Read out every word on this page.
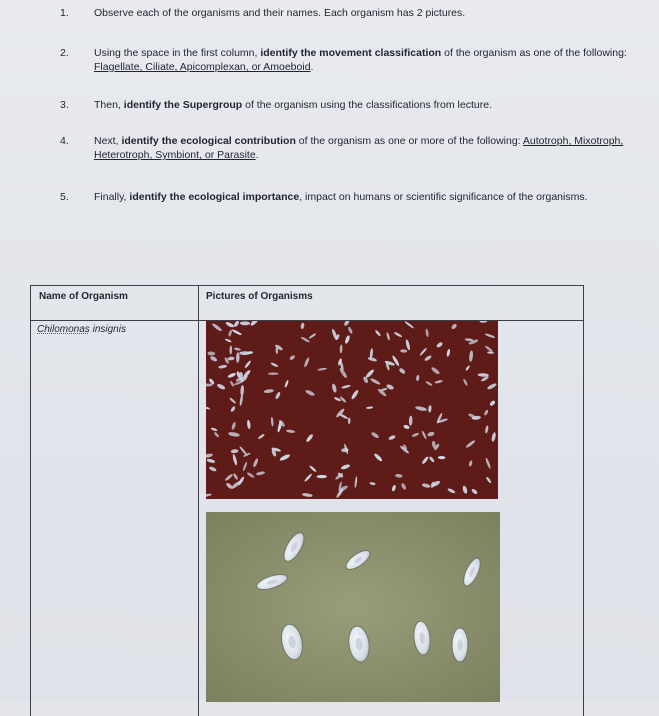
1.	Observe each of the organisms and their names. Each organism has 2 pictures.
2.	Using the space in the first column, identify the movement classification of the organism as one of the following: Flagellate, Ciliate, Apicomplexan, or Amoeboid.
3.	Then, identify the Supergroup of the organism using the classifications from lecture.
4.	Next, identify the ecological contribution of the organism as one or more of the following: Autotroph, Mixotroph, Heterotroph, Symbiont, or Parasite.
5.	Finally, identify the ecological importance, impact on humans or scientific significance of the organisms.
Name of Organism	Pictures of Organisms
Chilomonas insignis
